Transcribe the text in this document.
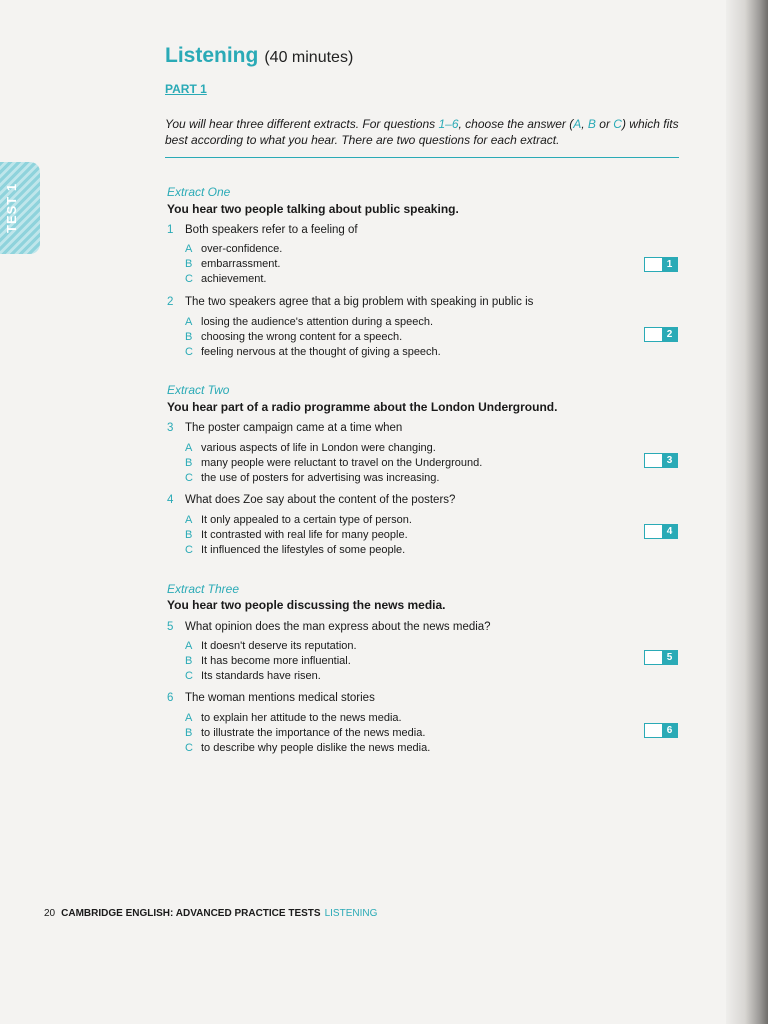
TEST 1
Listening (40 minutes)
PART 1

You will hear three different extracts. For questions 1–6, choose the answer (A, B or C) which fits best according to what you hear. There are two questions for each extract.

Extract One
You hear two people talking about public speaking.
1 Both speakers refer to a feeling of
A over-confidence.
B embarrassment.
C achievement.
1
2 The two speakers agree that a big problem with speaking in public is
A losing the audience's attention during a speech.
B choosing the wrong content for a speech.
C feeling nervous at the thought of giving a speech.
2
Extract Two
You hear part of a radio programme about the London Underground.
3 The poster campaign came at a time when
A various aspects of life in London were changing.
B many people were reluctant to travel on the Underground.
C the use of posters for advertising was increasing.
3
4 What does Zoe say about the content of the posters?
A It only appealed to a certain type of person.
B It contrasted with real life for many people.
C It influenced the lifestyles of some people.
4
Extract Three
You hear two people discussing the news media.
5 What opinion does the man express about the news media?
A It doesn't deserve its reputation.
B It has become more influential.
C Its standards have risen.
5
6 The woman mentions medical stories
A to explain her attitude to the news media.
B to illustrate the importance of the news media.
C to describe why people dislike the news media.
6
20 CAMBRIDGE ENGLISH: ADVANCED PRACTICE TESTS LISTENING
